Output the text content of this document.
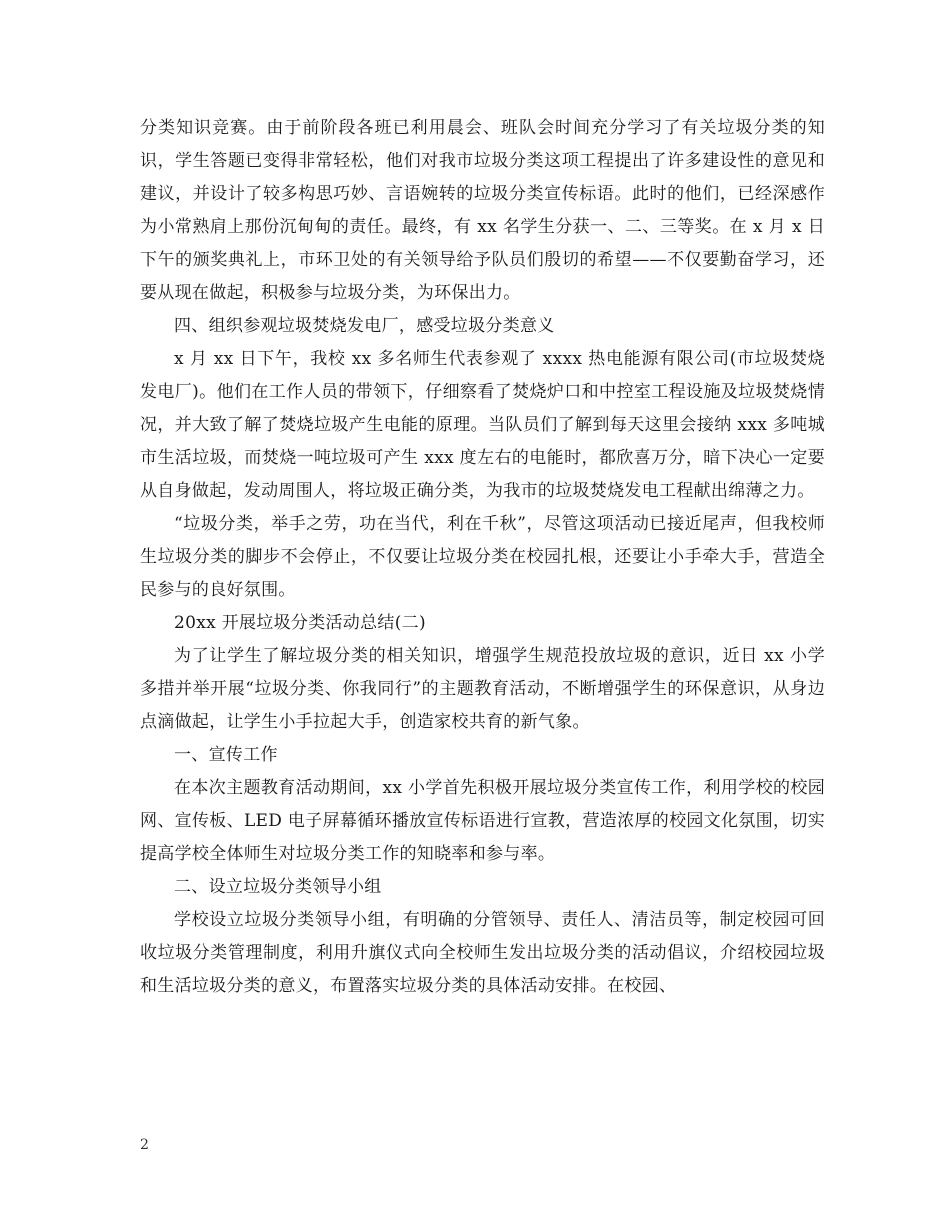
分类知识竞赛。由于前阶段各班已利用晨会、班队会时间充分学习了有关垃圾分类的知识，学生答题已变得非常轻松，他们对我市垃圾分类这项工程提出了许多建设性的意见和建议，并设计了较多构思巧妙、言语婉转的垃圾分类宣传标语。此时的他们，已经深感作为小常熟肩上那份沉甸甸的责任。最终，有 xx 名学生分获一、二、三等奖。在 x 月 x 日下午的颁奖典礼上，市环卫处的有关领导给予队员们殷切的希望——不仅要勤奋学习，还要从现在做起，积极参与垃圾分类，为环保出力。

四、组织参观垃圾焚烧发电厂，感受垃圾分类意义

x 月 xx 日下午，我校 xx 多名师生代表参观了 xxxx 热电能源有限公司(市垃圾焚烧发电厂)。他们在工作人员的带领下，仔细察看了焚烧炉口和中控室工程设施及垃圾焚烧情况，并大致了解了焚烧垃圾产生电能的原理。当队员们了解到每天这里会接纳 xxx 多吨城市生活垃圾，而焚烧一吨垃圾可产生 xxx 度左右的电能时，都欣喜万分，暗下决心一定要从自身做起，发动周围人，将垃圾正确分类，为我市的垃圾焚烧发电工程献出绵薄之力。

“垃圾分类，举手之劳，功在当代，利在千秋”，尽管这项活动已接近尾声，但我校师生垃圾分类的脚步不会停止，不仅要让垃圾分类在校园扎根，还要让小手牵大手，营造全民参与的良好氛围。

20xx 开展垃圾分类活动总结(二)

为了让学生了解垃圾分类的相关知识，增强学生规范投放垃圾的意识，近日 xx 小学多措并举开展“垃圾分类、你我同行”的主题教育活动，不断增强学生的环保意识，从身边点滴做起，让学生小手拉起大手，创造家校共育的新气象。

一、宣传工作

在本次主题教育活动期间，xx 小学首先积极开展垃圾分类宣传工作，利用学校的校园网、宣传板、LED 电子屏幕循环播放宣传标语进行宣教，营造浓厚的校园文化氛围，切实提高学校全体师生对垃圾分类工作的知晓率和参与率。

二、设立垃圾分类领导小组

学校设立垃圾分类领导小组，有明确的分管领导、责任人、清洁员等，制定校园可回收垃圾分类管理制度，利用升旗仪式向全校师生发出垃圾分类的活动倡议，介绍校园垃圾和生活垃圾分类的意义，布置落实垃圾分类的具体活动安排。在校园、

2
